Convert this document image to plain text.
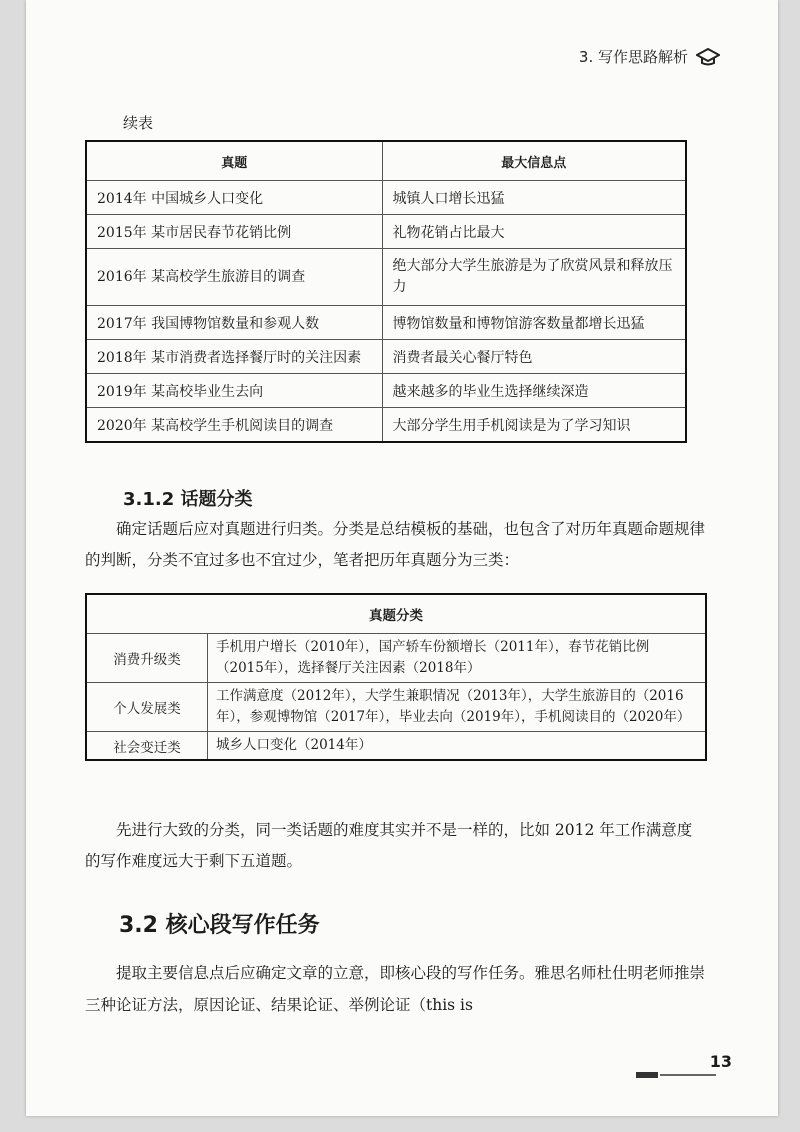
3. 写作思路解析
续表
真题	最大信息点
2014年 中国城乡人口变化	城镇人口增长迅猛
2015年 某市居民春节花销比例	礼物花销占比最大
2016年 某高校学生旅游目的调查	绝大部分大学生旅游是为了欣赏风景和释放压力
2017年 我国博物馆数量和参观人数	博物馆数量和博物馆游客数量都增长迅猛
2018年 某市消费者选择餐厅时的关注因素	消费者最关心餐厅特色
2019年 某高校毕业生去向	越来越多的毕业生选择继续深造
2020年 某高校学生手机阅读目的调查	大部分学生用手机阅读是为了学习知识
3.1.2 话题分类

确定话题后应对真题进行归类。分类是总结模板的基础，也包含了对历年真题命题规律的判断，分类不宜过多也不宜过少，笔者把历年真题分为三类：

真题分类	
消费升级类	手机用户增长（2010年），国产轿车份额增长（2011年），春节花销比例（2015年），选择餐厅关注因素（2018年）
个人发展类	工作满意度（2012年），大学生兼职情况（2013年），大学生旅游目的（2016年），参观博物馆（2017年），毕业去向（2019年），手机阅读目的（2020年）
社会变迁类	城乡人口变化（2014年）

先进行大致的分类，同一类话题的难度其实并不是一样的，比如 2012 年工作满意度的写作难度远大于剩下五道题。

3.2 核心段写作任务

提取主要信息点后应确定文章的立意，即核心段的写作任务。雅思名师杜仕明老师推崇三种论证方法，原因论证、结果论证、举例论证（this is

13
